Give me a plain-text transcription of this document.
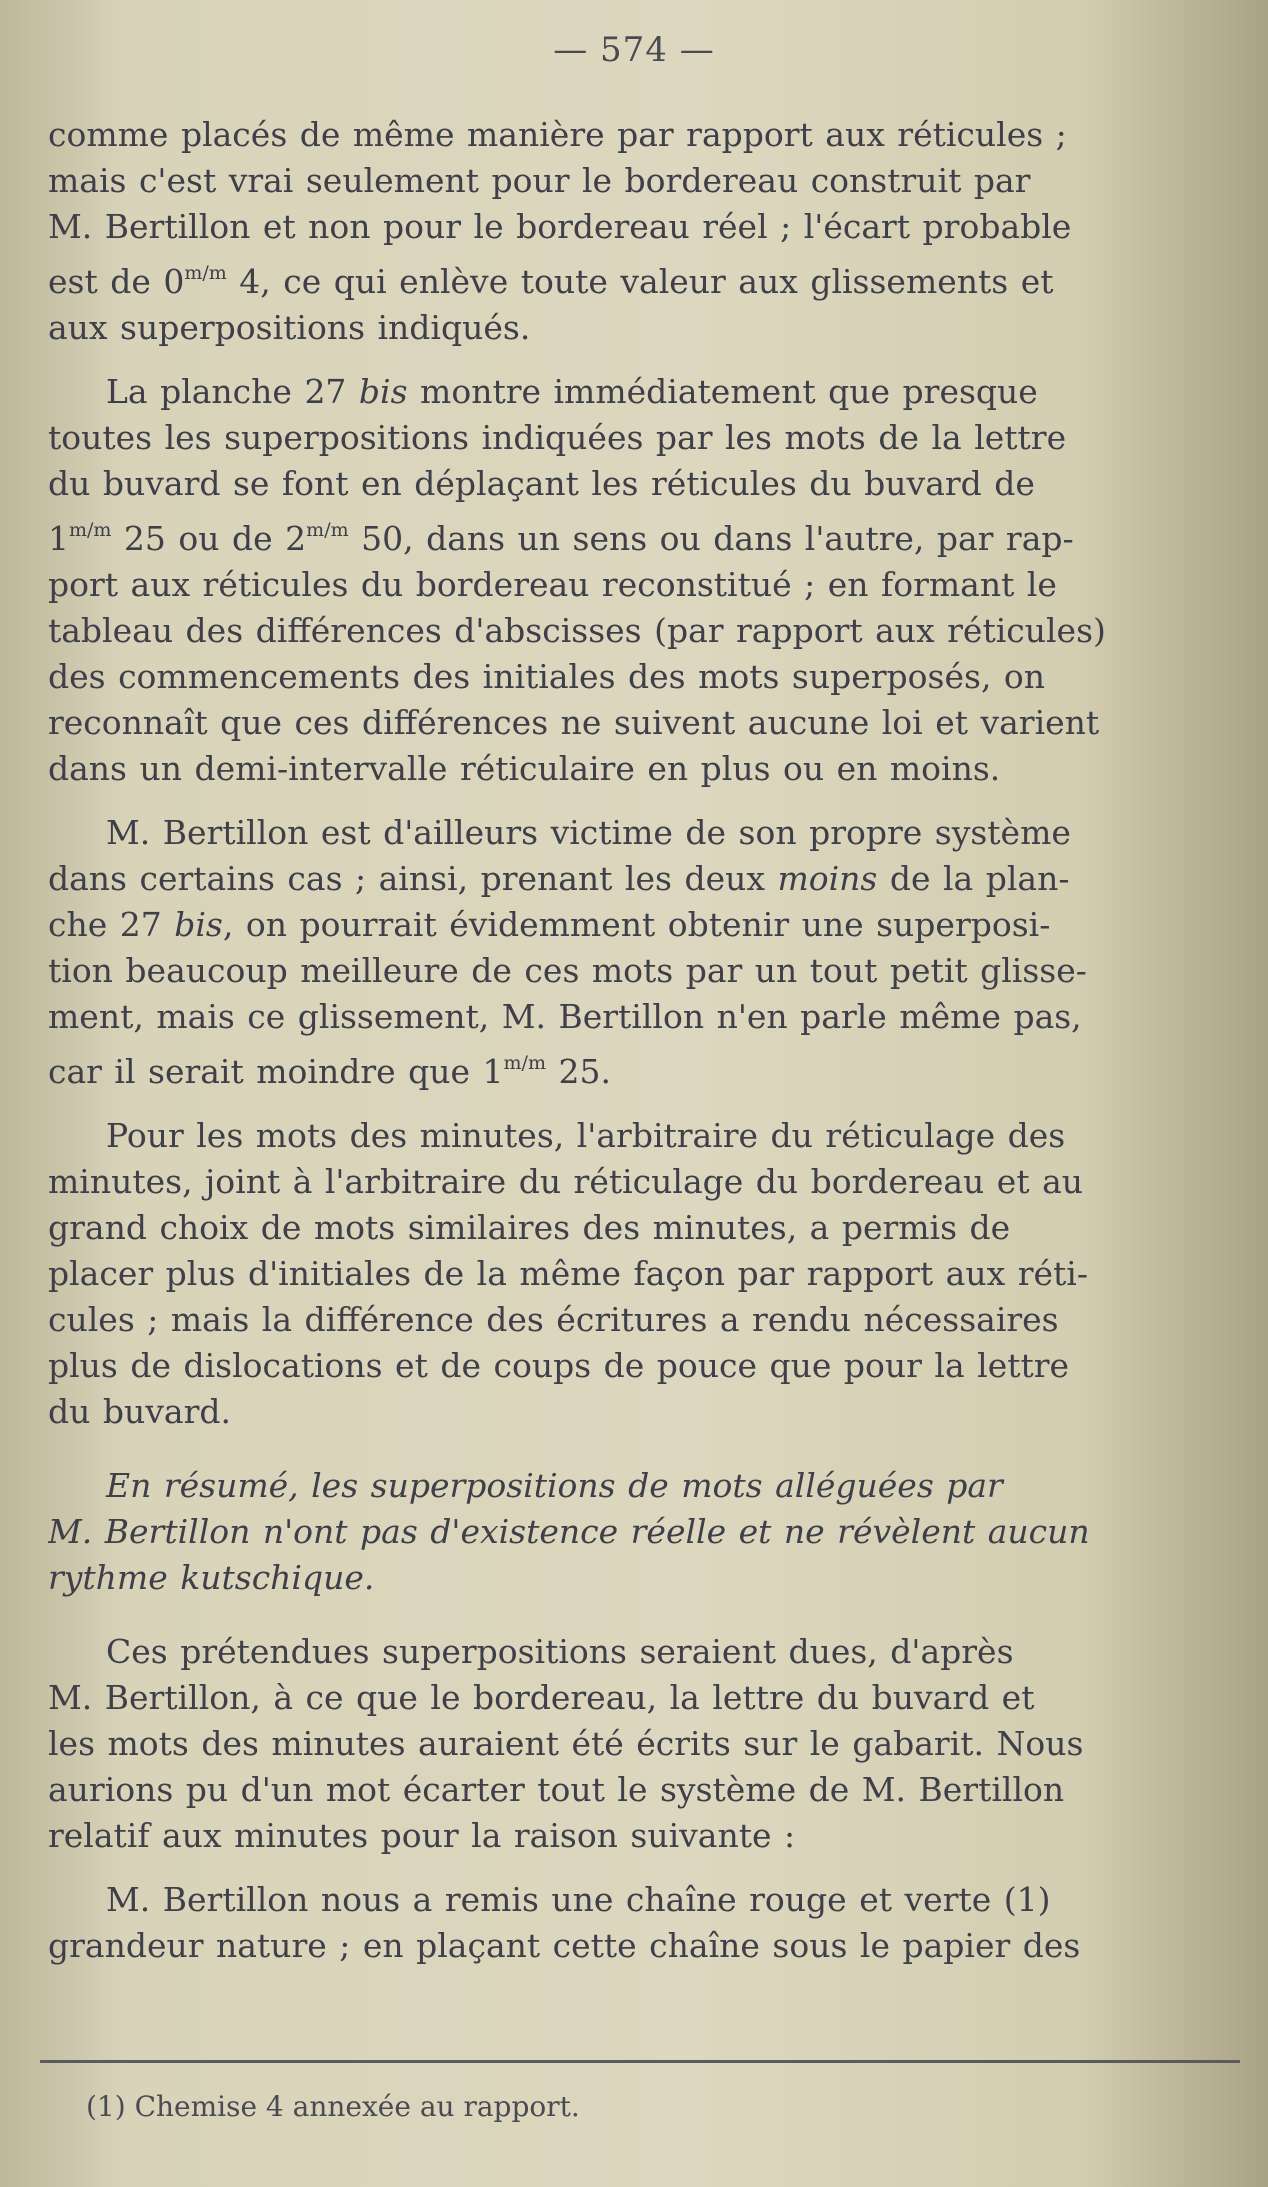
— 574 —

comme placés de même manière par rapport aux réticules ;
mais c'est vrai seulement pour le bordereau construit par
M. Bertillon et non pour le bordereau réel ; l'écart probable
est de $0^{m/m}$ 4, ce qui enlève toute valeur aux glissements et
aux superpositions indiqués.

La planche 27 bis montre immédiatement que presque
toutes les superpositions indiquées par les mots de la lettre
du buvard se font en déplaçant les réticules du buvard de
$1^{m/m}$ 25 ou de $2^{m/m}$ 50, dans un sens ou dans l'autre, par rap-
port aux réticules du bordereau reconstitué ; en formant le
tableau des différences d'abscisses (par rapport aux réticules)
des commencements des initiales des mots superposés, on
reconnaît que ces différences ne suivent aucune loi et varient
dans un demi-intervalle réticulaire en plus ou en moins.

M. Bertillon est d'ailleurs victime de son propre système
dans certains cas ; ainsi, prenant les deux moins de la plan-
che 27 bis, on pourrait évidemment obtenir une superposi-
tion beaucoup meilleure de ces mots par un tout petit glisse-
ment, mais ce glissement, M. Bertillon n'en parle même pas,
car il serait moindre que $1^{m/m}$ 25.

Pour les mots des minutes, l'arbitraire du réticulage des
minutes, joint à l'arbitraire du réticulage du bordereau et au
grand choix de mots similaires des minutes, a permis de
placer plus d'initiales de la même façon par rapport aux réti-
cules ; mais la différence des écritures a rendu nécessaires
plus de dislocations et de coups de pouce que pour la lettre
du buvard.

En résumé, les superpositions de mots alléguées par
M. Bertillon n'ont pas d'existence réelle et ne révèlent aucun
rythme kutschique.

Ces prétendues superpositions seraient dues, d'après
M. Bertillon, à ce que le bordereau, la lettre du buvard et
les mots des minutes auraient été écrits sur le gabarit. Nous
aurions pu d'un mot écarter tout le système de M. Bertillon
relatif aux minutes pour la raison suivante :

M. Bertillon nous a remis une chaîne rouge et verte (1)
grandeur nature ; en plaçant cette chaîne sous le papier des

(1) Chemise 4 annexée au rapport.
